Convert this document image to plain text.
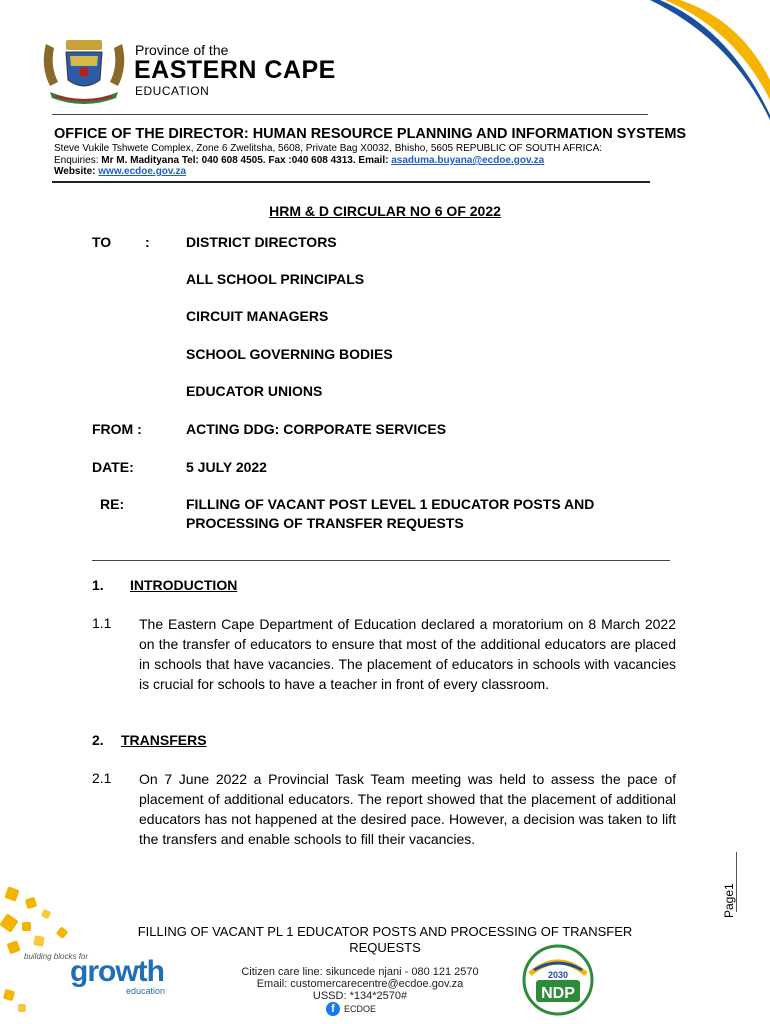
Province of the
EASTERN CAPE
EDUCATION
OFFICE OF THE DIRECTOR: HUMAN RESOURCE PLANNING AND INFORMATION SYSTEMS
Steve Vukile Tshwete Complex, Zone 6 Zwelitsha, 5608, Private Bag X0032, Bhisho, 5605 REPUBLIC OF SOUTH AFRICA:
Enquiries: Mr M. Madityana Tel: 040 608 4505. Fax :040 608 4313. Email: asaduma.buyana@ecdoe.gov.za
Website: www.ecdoe.gov.za
HRM & D CIRCULAR NO 6 OF 2022
TO :	DISTRICT DIRECTORS
ALL SCHOOL PRINCIPALS
CIRCUIT MANAGERS
SCHOOL GOVERNING BODIES
EDUCATOR UNIONS
FROM :	ACTING DDG: CORPORATE SERVICES
DATE:	5 JULY 2022
RE:	FILLING OF VACANT POST LEVEL 1 EDUCATOR POSTS AND
PROCESSING OF TRANSFER REQUESTS
1. INTRODUCTION
1.1 The Eastern Cape Department of Education declared a moratorium on 8 March 2022 on the transfer of educators to ensure that most of the additional educators are placed in schools that have vacancies. The placement of educators in schools with vacancies is crucial for schools to have a teacher in front of every classroom.
2. TRANSFERS
2.1 On 7 June 2022 a Provincial Task Team meeting was held to assess the pace of placement of additional educators. The report showed that the placement of additional educators has not happened at the desired pace. However, a decision was taken to lift the transfers and enable schools to fill their vacancies.
Page1
FILLING OF VACANT PL 1 EDUCATOR POSTS AND PROCESSING OF TRANSFER
REQUESTS
building blocks for
growth
education
Citizen care line: sikuncede njani - 080 121 2570
Email: customercarecentre@ecdoe.gov.za
USSD: *134*2570#
f	ECDOE
2030
NDP
